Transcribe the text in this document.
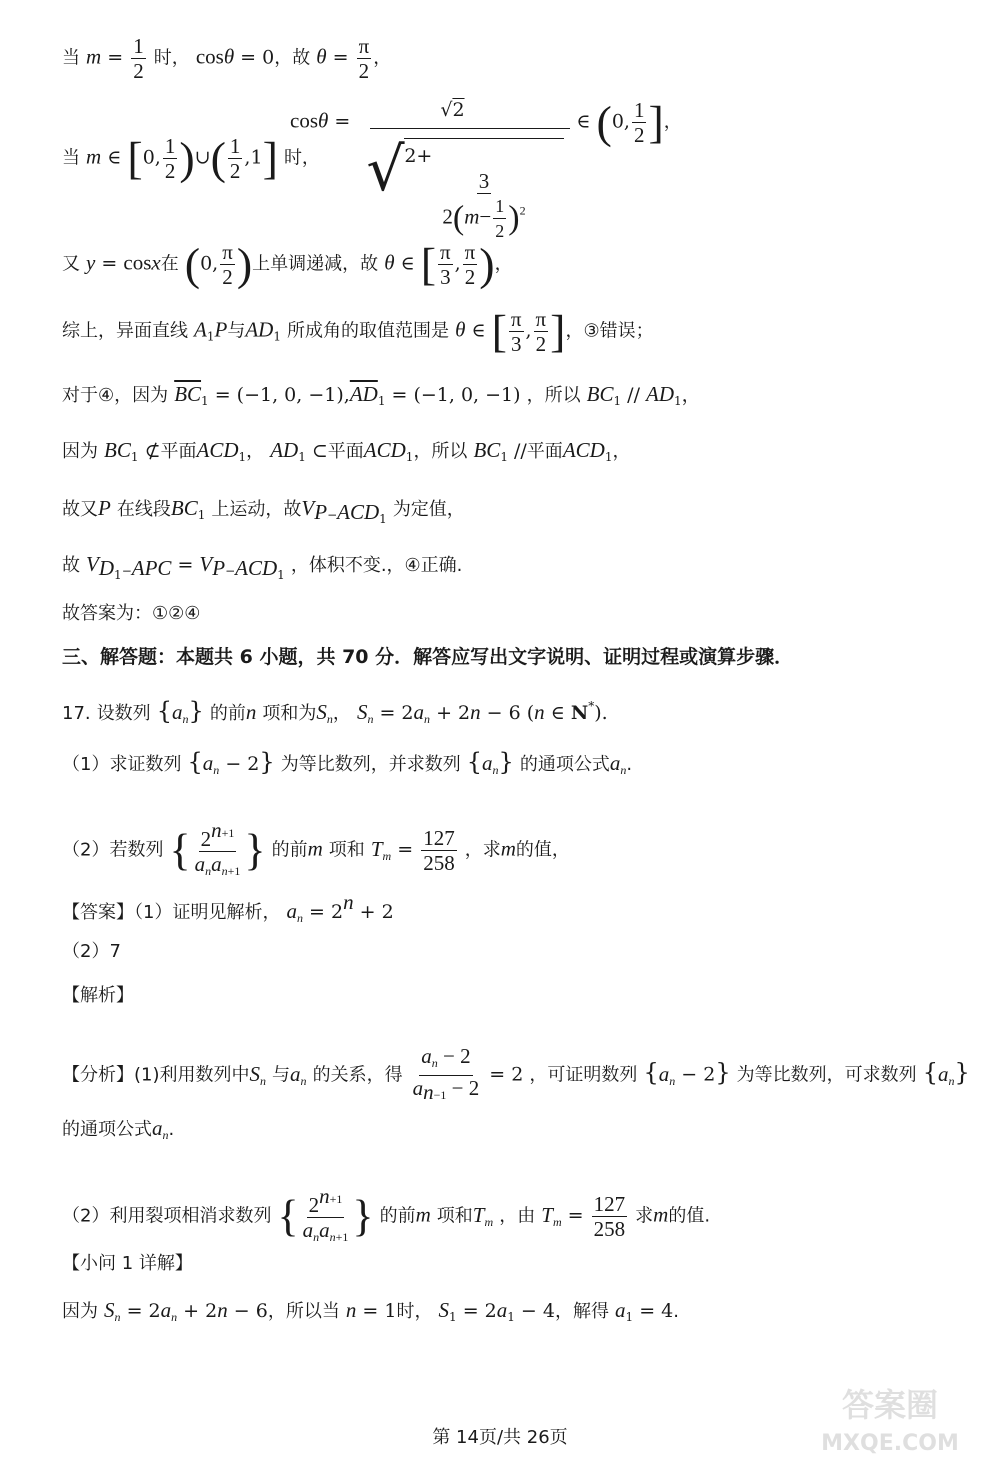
当 $m = \frac{1}{2}$ 时， cosθ = 0，故 $\theta = \frac{\pi}{2}$ ，
当 m ∈ [0, $\frac{1}{2}$ )∪( $\frac{1}{2} ,1$] 时，
cosθ =
√2
√ 2+
$\frac{3}{2(m- \frac{1}{2} )^2}$
∈ (0, $\frac{1}{2}$ ]，
又 y = cosx在 (0, $\frac{\pi}{2}$ )上单调递减，故 θ ∈ [ $\frac{\pi}{3}$ , $\frac{\pi}{2}$ )，
综上，异面直线 $A_1P$与$AD_1$ 所成角的取值范围是 θ ∈ [ $\frac{\pi}{3}$ , $\frac{\pi}{2}$ ]，③错误；
对于④，因为 $\overline{BC}_1 = (-1$, 0, $-1),\overline{AD}_1 = (-1$, 0, −1) ，所以 $BC_1 // AD_1$，
因为 $BC_1$ ⊄平面$ACD_1$， $AD_1$ ⊂平面$ACD_1$，所以 $BC_1$ //平面$ACD_1$，
故又P 在线段$BC_1$ 上运动，故$V_{P-ACD_1}$ 为定值，
故 $V_{D_1-APC} = V_{P-ACD_1}$ ，体积不变.，④正确.
故答案为：①②④
三、解答题：本题共 6 小题，共 70 分．解答应写出文字说明、证明过程或演算步骤．
17. 设数列 $\{a_n\}$ 的前n 项和为$S_n$， $S_n = 2a_n + 2n - 6$ (n ∈ N*).
（1）求证数列 $\{a_n - 2\}$ 为等比数列，并求数列 $\{a_n\}$ 的通项公式$a_n$.
（2）若数列 { $\frac{2^{n+1}}{a_na_{n+1}}$ } 的前m 项和 $T_m = \frac{127}{258}$ ，求m的值，
【答案】（1）证明见解析， $a_n = 2^n + 2$
（2）7
【解析】
【分析】(1)利用数列中$S_n$ 与$a_n$ 的关系，得 $\frac{a_n - 2}{a_{n-1} - 2} = 2$ ，可证明数列 $\{a_n - 2\}$ 为等比数列，可求数列 $\{a_n\}$
的通项公式$a_n$.
（2）利用裂项相消求数列 { $\frac{2^{n+1}}{a_na_{n+1}}$ } 的前m 项和$T_m$ ，由 $T_m = \frac{127}{258}$ 求m的值.
【小问 1 详解】
因为 $S_n = 2a_n + 2n - 6$，所以当 n = 1时， $S_1 = 2a_1 - 4$，解得 $a_1 = 4$.
答案圈
MXQE.COM
第 14页/共 26页
